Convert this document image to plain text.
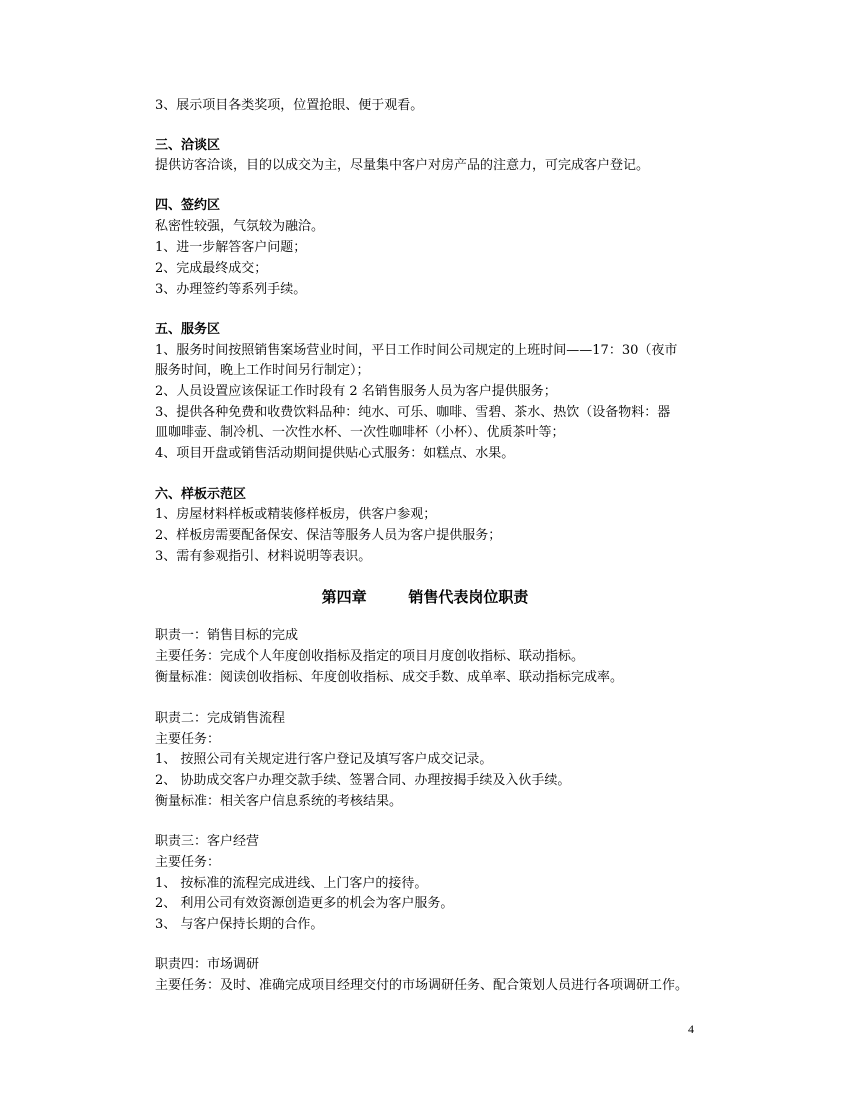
3、展示项目各类奖项，位置抢眼、便于观看。
三、洽谈区
提供访客洽谈，目的以成交为主，尽量集中客户对房产品的注意力，可完成客户登记。
四、签约区
私密性较强，气氛较为融洽。
1、进一步解答客户问题；
2、完成最终成交；
3、办理签约等系列手续。
五、服务区
1、服务时间按照销售案场营业时间，平日工作时间公司规定的上班时间——17：30（夜市
服务时间，晚上工作时间另行制定）；
2、人员设置应该保证工作时段有 2 名销售服务人员为客户提供服务；
3、提供各种免费和收费饮料品种：纯水、可乐、咖啡、雪碧、茶水、热饮（设备物料：器
皿咖啡壶、制冷机、一次性水杯、一次性咖啡杯（小杯）、优质茶叶等；
4、项目开盘或销售活动期间提供贴心式服务：如糕点、水果。
六、样板示范区
1、房屋材料样板或精装修样板房，供客户参观；
2、样板房需要配备保安、保洁等服务人员为客户提供服务；
3、需有参观指引、材料说明等表识。
第四章        销售代表岗位职责
职责一：销售目标的完成
主要任务：完成个人年度创收指标及指定的项目月度创收指标、联动指标。
衡量标准：阅读创收指标、年度创收指标、成交手数、成单率、联动指标完成率。
职责二：完成销售流程
主要任务：
1、 按照公司有关规定进行客户登记及填写客户成交记录。
2、 协助成交客户办理交款手续、签署合同、办理按揭手续及入伙手续。
衡量标准：相关客户信息系统的考核结果。
职责三：客户经营
主要任务：
1、 按标准的流程完成进线、上门客户的接待。
2、 利用公司有效资源创造更多的机会为客户服务。
3、 与客户保持长期的合作。
职责四：市场调研
主要任务：及时、准确完成项目经理交付的市场调研任务、配合策划人员进行各项调研工作。
4
